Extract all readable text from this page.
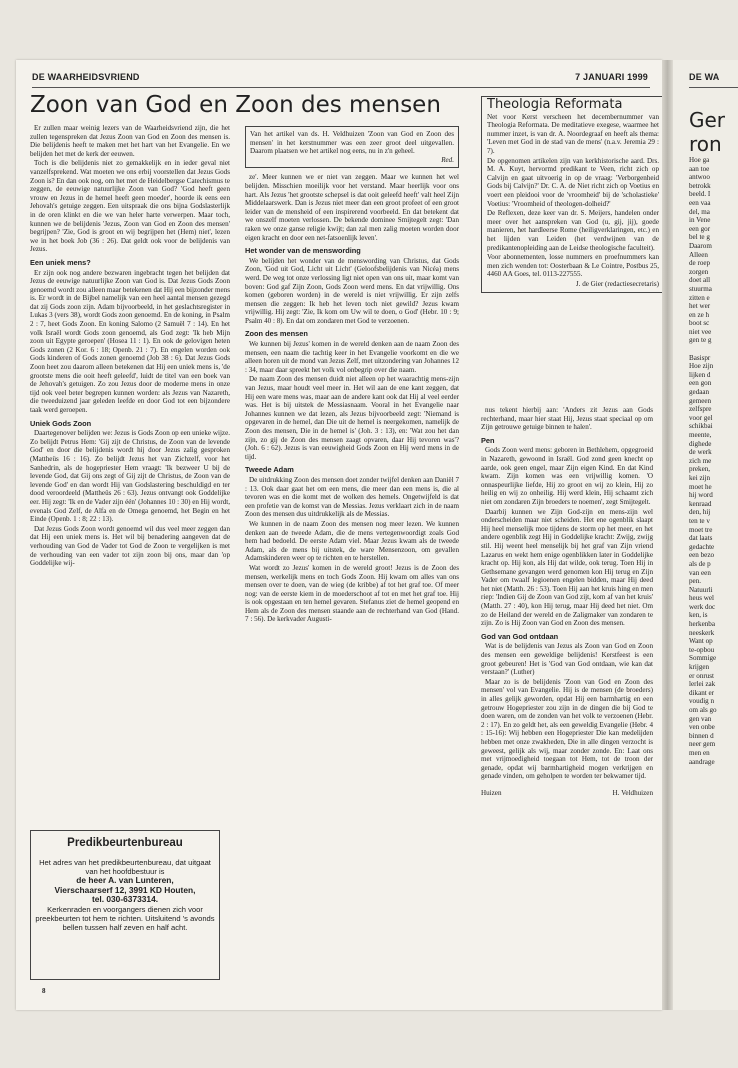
DE WAARHEIDSVRIEND	7 JANUARI 1999
Zoon van God en Zoon des mensen

Er zullen maar weinig lezers van de Waarheidsvriend zijn, die het zullen tegenspreken dat Jezus Zoon van God en Zoon des mensen is. Die belijdenis heeft te maken met het hart van het Evangelie. En we belijden het met de kerk der eeuwen.

Toch is die belijdenis niet zo gemakkelijk en in ieder geval niet vanzelfsprekend. Wat moeten we ons erbij voorstellen dat Jezus Gods Zoon is? En dan ook nog, om het met de Heidelbergse Catechismus te zeggen, de eeuwige natuurlijke Zoon van God? 'God heeft geen vrouw en Jezus in de hemel heeft geen moeder', hoorde ik eens een Jehovah's getuige zeggen. Een uitspraak die ons bijna Godslasterlijk in de oren klinkt en die we van heler harte verwerpen. Maar toch, kunnen we de belijdenis 'Jezus, Zoon van God en Zoon des mensen' begrijpen? 'Zie, God is groot en wij begrijpen het (Hem) niet', lezen we in het boek Job (36 : 26). Dat geldt ook voor de belijdenis van Jezus.

Een uniek mens?

Er zijn ook nog andere bezwaren ingebracht tegen het belijden dat Jezus de eeuwige natuurlijke Zoon van God is. Dat Jezus Gods Zoon genoemd wordt zou alleen maar betekenen dat Hij een bijzonder mens is. Er wordt in de Bijbel namelijk van een heel aantal mensen gezegd dat zij Gods zoon zijn. Adam bijvoorbeeld, in het geslachtsregister in Lukas 3 (vers 38), wordt Gods zoon genoemd. En de koning, in Psalm 2 : 7, heet Gods Zoon. En koning Salomo (2 Samuël 7 : 14). En het volk Israël wordt Gods zoon genoemd, als God zegt: 'Ik heb Mijn zoon uit Egypte geroepen' (Hosea 11 : 1). En ook de gelovigen heten Gods zonen (2 Kor. 6 : 18; Openb. 21 : 7). En engelen worden ook Gods kinderen of Gods zonen genoemd (Job 38 : 6). Dat Jezus Gods Zoon heet zou daarom alleen betekenen dat Hij een uniek mens is, 'de grootste mens die ooit heeft geleefd', luidt de titel van een boek van de Jehovah's getuigen. Zo zou Jezus door de moderne mens in onze tijd ook veel beter begrepen kunnen worden: als Jezus van Nazareth, die tweeduizend jaar geleden leefde en door God tot een bijzondere taak werd geroepen.

Uniek Gods Zoon

Daartegenover belijden we: Jezus is Gods Zoon op een unieke wijze. Zo belijdt Petrus Hem: 'Gij zijt de Christus, de Zoon van de levende God' en door die belijdenis wordt hij door Jezus zalig gesproken (Mattheüs 16 : 16). Zo belijdt Jezus het van Zichzelf, voor het Sanhedrin, als de hogepriester Hem vraagt: 'Ik bezweer U bij de levende God, dat Gij ons zegt of Gij zijt de Christus, de Zoon van de levende God' en dan wordt Hij van Godslastering beschuldigd en ter dood veroordeeld (Mattheüs 26 : 63). Jezus ontvangt ook Goddelijke eer. Hij zegt: 'Ik en de Vader zijn één' (Johannes 10 : 30) en Hij wordt, evenals God Zelf, de Alfa en de Omega genoemd, het Begin en het Einde (Openb. 1 : 8; 22 : 13).

Dat Jezus Gods Zoon wordt genoemd wil dus veel meer zeggen dan dat Hij een uniek mens is. Het wil bij benadering aangeven dat de verhouding van God de Vader tot God de Zoon te vergelijken is met de verhouding van een vader tot zijn zoon bij ons, maar dan 'op Goddelijke wij-

Van het artikel van ds. H. Veldhuizen 'Zoon van God en Zoon des mensen' in het kerstnummer was een zeer groot deel uitgevallen. Daarom plaatsen we het artikel nog eens, nu in z'n geheel.
Red.

ze'. Meer kunnen we er niet van zeggen. Maar we kunnen het wel belijden. Misschien moeilijk voor het verstand. Maar heerlijk voor ons hart. Als Jezus 'het grootste schepsel is dat ooit geleefd heeft' valt heel Zijn Middelaarswerk. Dan is Jezus niet meer dan een groot profeet of een groot leider van de mensheid of een inspirerend voorbeeld. En dat betekent dat we onszelf moeten verlossen. De bekende dominee Smijtegelt zegt: 'Dan raken we onze ganse religie kwijt; dan zal men zalig moeten worden door eigen kracht en door een net-fatsoenlijk leven'.

Het wonder van de menswording

We belijden het wonder van de menswording van Christus, dat Gods Zoon, 'God uit God, Licht uit Licht' (Geloofsbelijdenis van Nicéa) mens werd. De weg tot onze verlossing ligt niet open van ons uit, maar komt van boven: God gaf Zijn Zoon, Gods Zoon werd mens. En dat vrijwillig. Ons komen (geboren worden) in de wereld is niet vrijwillig. Er zijn zelfs mensen die zeggen: Ik heb het leven toch niet gewild? Jezus kwam vrijwillig. Hij zegt: 'Zie, Ik kom om Uw wil te doen, o God' (Hebr. 10 : 9; Psalm 40 : 8). En dat om zondaren met God te verzoenen.

Zoon des mensen

We kunnen bij Jezus' komen in de wereld denken aan de naam Zoon des mensen, een naam die tachtig keer in het Evangelie voorkomt en die we alleen horen uit de mond van Jezus Zelf, met uitzondering van Johannes 12 : 34, maar daar spreekt het volk vol onbegrip over die naam.

De naam Zoon des mensen duidt niet alleen op het waarachtig mens-zijn van Jezus, maar houdt veel meer in. Het wil aan de ene kant zeggen, dat Hij een ware mens was, maar aan de andere kant ook dat Hij al veel eerder was. Het is bij uitstek de Messiasnaam. Vooral in het Evangelie naar Johannes kunnen we dat lezen, als Jezus bijvoorbeeld zegt: 'Niemand is opgevaren in de hemel, dan Die uit de hemel is neergekomen, namelijk de Zoon des mensen, Die in de hemel is' (Joh. 3 : 13), en: 'Wat zou het dan zijn, zo gij de Zoon des mensen zaagt opvaren, daar Hij tevoren was'? (Joh. 6 : 62). Jezus is van eeuwigheid Gods Zoon en Hij werd mens in de tijd.

Tweede Adam

De uitdrukking Zoon des mensen doet zonder twijfel denken aan Daniël 7 : 13. Ook daar gaat het om een mens, die meer dan een mens is, die al tevoren was en die komt met de wolken des hemels. Ongetwijfeld is dat een profetie van de komst van de Messias. Jezus verklaart zich in de naam Zoon des mensen dus uitdrukkelijk als de Messias.

We kunnen in de naam Zoon des mensen nog meer lezen. We kunnen denken aan de tweede Adam, die de mens vertegenwoordigt zoals God hem had bedoeld. De eerste Adam viel. Maar Jezus kwam als de tweede Adam, als de mens bij uitstek, de ware Mensenzoon, om gevallen Adamskinderen weer op te richten en te herstellen.

Wat wordt zo Jezus' komen in de wereld groot! Jezus is de Zoon des mensen, werkelijk mens en toch Gods Zoon. Hij kwam om alles van ons mensen over te doen, van de wieg (de kribbe) af tot het graf toe. Of meer nog: van de eerste kiem in de moederschoot af tot en met het graf toe. Hij is ook opgestaan en ten hemel gevaren. Stefanus ziet de hemel geopend en Hem als de Zoon des mensen staande aan de rechterhand van God (Hand. 7 : 56). De kerkvader Augusti-

Theologia Reformata

Net voor Kerst verscheen het decembernummer van Theologia Reformata. De meditatieve exegese, waarmee het nummer inzet, is van dr. A. Noordegraaf en heeft als thema: 'Leven met God in de stad van de mens' (n.a.v. Jeremia 29 : 7).

De opgenomen artikelen zijn van kerkhistorische aard. Drs. M. A. Kuyt, hervormd predikant te Veen, richt zich op Calvijn en gaat uitvoerig in op de vraag: 'Verborgenheid Gods bij Calvijn?' Dr. C. A. de Niet richt zich op Voetius en voert een pleidooi voor de 'vroomheid' bij de 'scholastieke' Voetius: 'Vroomheid of theologen-dolheid?'

De Reflexen, deze keer van dr. S. Meijers, handelen onder meer over het aanspreken van God (u, gij, jij), goede manieren, het hardleerse Rome (heiligverklaringen, etc.) en het lijden van Leiden (het verdwijnen van de predikantenopleiding aan de Leidse theologische faculteit).

Voor abonnementen, losse nummers en proefnummers kan men zich wenden tot: Oosterbaan & Le Cointre, Postbus 25, 4460 AA Goes, tel. 0113-227555.

J. de Gier (redactiesecretaris)

nus tekent hierbij aan: 'Anders zit Jezus aan Gods rechterhand, maar hier staat Hij, Jezus staat speciaal op om Zijn getrouwe getuige binnen te halen'.

Pen

Gods Zoon werd mens: geboren in Bethlehem, opgegroeid in Nazareth, gewoond in Israël. God zond geen knecht op aarde, ook geen engel, maar Zijn eigen Kind. En dat Kind kwam. Zijn komen was een vrijwillig komen. 'O onnaspeurlijke liefde, Hij zo groot en wij zo klein, Hij zo heilig en wij zo onheilig. Hij werd klein, Hij schaamt zich niet om zondaren Zijn broeders te noemen', zegt Smijtegelt.

Daarbij kunnen we Zijn God-zijn en mens-zijn wel onderscheiden maar niet scheiden. Het ene ogenblik slaapt Hij heel menselijk moe tijdens de storm op het meer, en het andere ogenblik zegt Hij in Goddelijke kracht: Zwijg, zwijg stil. Hij weent heel menselijk bij het graf van Zijn vriend Lazarus en wekt hem enige ogenblikken later in Goddelijke kracht op. Hij kon, als Hij dat wilde, ook terug. Toen Hij in Gethsemane gevangen werd genomen kon Hij terug en Zijn Vader om twaalf legioenen engelen bidden, maar Hij deed het niet (Matth. 26 : 53). Toen Hij aan het kruis hing en men riep: 'Indien Gij de Zoon van God zijt, kom af van het kruis' (Matth. 27 : 40), kon Hij terug, maar Hij deed het niet. Om zo de Heiland der wereld en de Zaligmaker van zondaren te zijn. Zo is Hij Zoon van God en Zoon des mensen.

God van God ontdaan

Wat is de belijdenis van Jezus als Zoon van God en Zoon des mensen een geweldige belijdenis! Kerstfeest is een groot gebeuren! Het is 'God van God ontdaan, wie kan dat verstaan?' (Luther)

Maar zo is de belijdenis 'Zoon van God en Zoon des mensen' vol van Evangelie. Hij is de mensen (de broeders) in alles gelijk geworden, opdat Hij een barmhartig en een getrouw Hogepriester zou zijn in de dingen die bij God te doen waren, om de zonden van het volk te verzoenen (Hebr. 2 : 17). En zo geldt het, als een geweldig Evangelie (Hebr. 4 : 15-16): Wij hebben een Hogepriester Die kan medelijden hebben met onze zwakheden, Die in alle dingen verzocht is geweest, gelijk als wij, maar zonder zonde. En: Laat ons met vrijmoedigheid toegaan tot Hem, tot de troon der genade, opdat wij barmhartigheid mogen verkrijgen en genade vinden, om geholpen te worden ter bekwamer tijd.

Huizen	H. Veldhuizen
Predikbeurtenbureau
Het adres van het predikbeurtenbureau, dat uitgaat van het hoofdbestuur is
de heer A. van Lunteren,
Vierschaarserf 12, 3991 KD Houten,
tel. 030-6373314.
Kerkenraden en voorgangers dienen zich voor preekbeurten tot hem te richten. Uitsluitend 's avonds bellen tussen half zeven en half acht.
8
DE WA
Ger
ron
Hoe ga
aan toe
antwoo
betrokk
beeld. I
een vaa
del, ma
in Vene
een gor
bel te g
Daarom
Alleen
de roep
zorgen
doet all
stuurma
zitten e
het wer
en ze h
boot sc
niet vee
gen te g

Basispr
Hoe zijn
lijken d
een gon
gedaan
gemeen
zelfspre
voor gel
schikbai
meente,
dighede
de werk
zich me
preken,
kei zijn
moet he
hij word
kenraad
den, hij
ten te v
moet tre
dat laats
gedachte
een bezo
als de p
van een
pen.
Natuurli
heus wel
werk doc
ken, is
herkenba
neeskerk
Want op
te-opbou
Sommige
krijgen
er onrust
lerlei zak
dikant er
voudig n
om als go
gen van
ven onbe
binnen d
neer gem
men en
aandrage
